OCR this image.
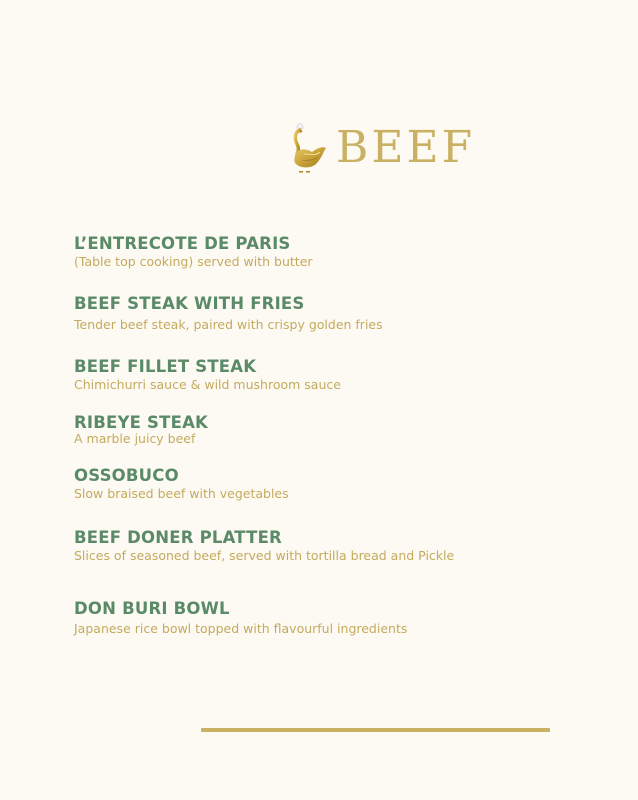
BEEF
L’ENTRECOTE DE PARIS
(Table top cooking) served with butter
BEEF STEAK WITH FRIES
Tender beef steak, paired with crispy golden fries
BEEF FILLET STEAK
Chimichurri sauce & wild mushroom sauce
RIBEYE STEAK
A marble juicy beef
OSSOBUCO
Slow braised beef with vegetables
BEEF DONER PLATTER
Slices of seasoned beef, served with tortilla bread and Pickle
DON BURI BOWL
Japanese rice bowl topped with flavourful ingredients
